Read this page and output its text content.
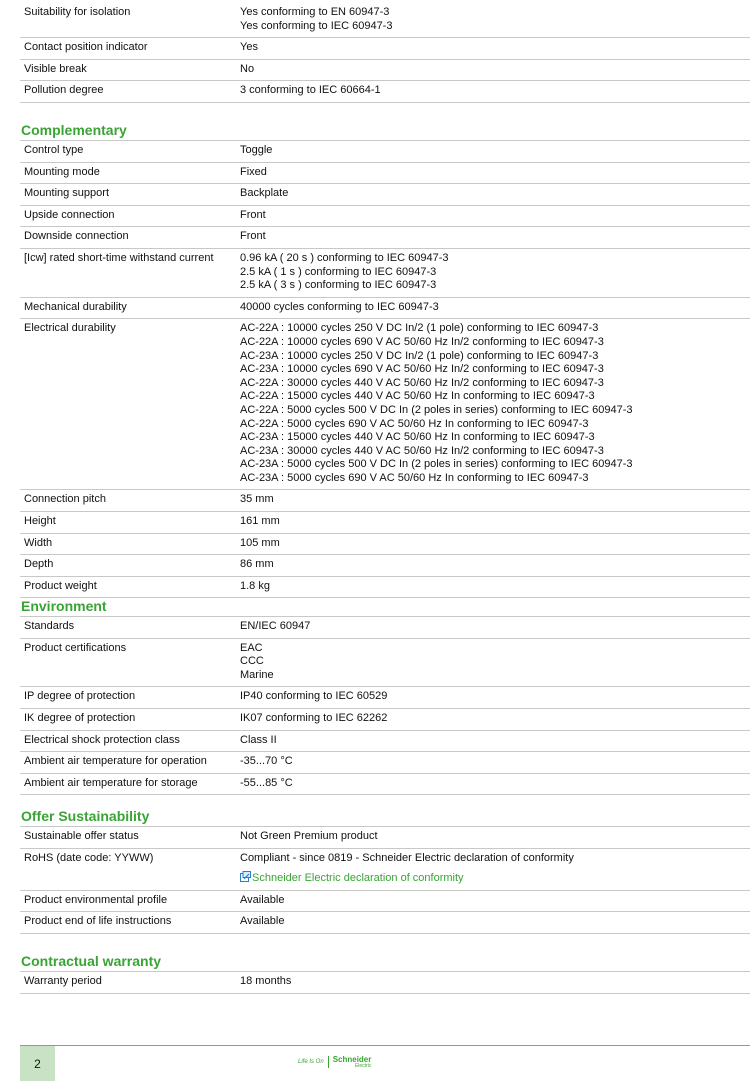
Suitability for isolation	Yes conforming to EN 60947-3
Yes conforming to IEC 60947-3
Contact position indicator	Yes
Visible break	No
Pollution degree	3 conforming to IEC 60664-1
Complementary
Control type	Toggle
Mounting mode	Fixed
Mounting support	Backplate
Upside connection	Front
Downside connection	Front
[Icw] rated short-time withstand current	0.96 kA ( 20 s ) conforming to IEC 60947-3
2.5 kA ( 1 s ) conforming to IEC 60947-3
2.5 kA ( 3 s ) conforming to IEC 60947-3
Mechanical durability	40000 cycles conforming to IEC 60947-3
Electrical durability	AC-22A : 10000 cycles 250 V DC In/2 (1 pole) conforming to IEC 60947-3
AC-22A : 10000 cycles 690 V AC 50/60 Hz In/2 conforming to IEC 60947-3
AC-23A : 10000 cycles 250 V DC In/2 (1 pole) conforming to IEC 60947-3
AC-23A : 10000 cycles 690 V AC 50/60 Hz In/2 conforming to IEC 60947-3
AC-22A : 30000 cycles 440 V AC 50/60 Hz In/2 conforming to IEC 60947-3
AC-22A : 15000 cycles 440 V AC 50/60 Hz In conforming to IEC 60947-3
AC-22A : 5000 cycles 500 V DC In (2 poles in series) conforming to IEC 60947-3
AC-22A : 5000 cycles 690 V AC 50/60 Hz In conforming to IEC 60947-3
AC-23A : 15000 cycles 440 V AC 50/60 Hz In conforming to IEC 60947-3
AC-23A : 30000 cycles 440 V AC 50/60 Hz In/2 conforming to IEC 60947-3
AC-23A : 5000 cycles 500 V DC In (2 poles in series) conforming to IEC 60947-3
AC-23A : 5000 cycles 690 V AC 50/60 Hz In conforming to IEC 60947-3
Connection pitch	35 mm
Height	161 mm
Width	105 mm
Depth	86 mm
Product weight	1.8 kg
Environment
Standards	EN/IEC 60947
Product certifications	EAC
CCC
Marine
IP degree of protection	IP40 conforming to IEC 60529
IK degree of protection	IK07 conforming to IEC 62262
Electrical shock protection class	Class II
Ambient air temperature for operation	-35...70 °C
Ambient air temperature for storage	-55...85 °C
Offer Sustainability
Sustainable offer status	Not Green Premium product
RoHS (date code: YYWW)	Compliant - since 0819 - Schneider Electric declaration of conformity
Schneider Electric declaration of conformity
Product environmental profile	Available
Product end of life instructions	Available
Contractual warranty
Warranty period	18 months
2	Life Is On Schneider
Electric
